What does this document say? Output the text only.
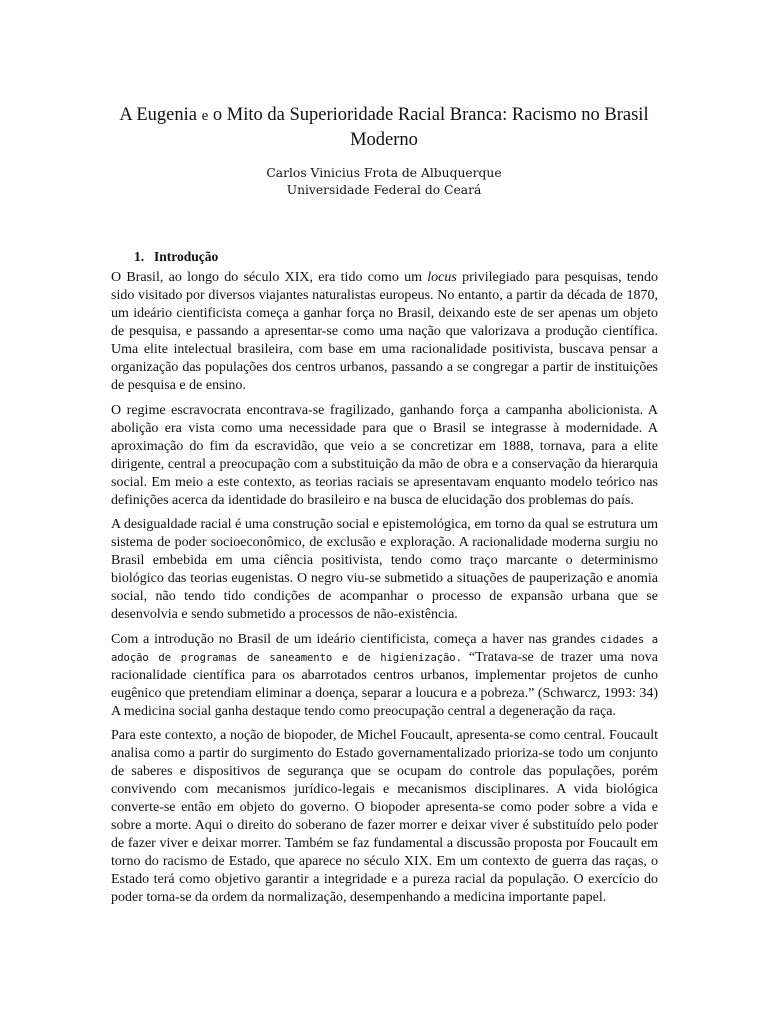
A Eugenia e o Mito da Superioridade Racial Branca: Racismo no Brasil Moderno
Carlos Vinicius Frota de Albuquerque
Universidade Federal do Ceará
1. Introdução

O Brasil, ao longo do século XIX, era tido como um locus privilegiado para pesquisas, tendo sido visitado por diversos viajantes naturalistas europeus. No entanto, a partir da década de 1870, um ideário cientificista começa a ganhar força no Brasil, deixando este de ser apenas um objeto de pesquisa, e passando a apresentar-se como uma nação que valorizava a produção científica. Uma elite intelectual brasileira, com base em uma racionalidade positivista, buscava pensar a organização das populações dos centros urbanos, passando a se congregar a partir de instituições de pesquisa e de ensino.

O regime escravocrata encontrava-se fragilizado, ganhando força a campanha abolicionista. A abolição era vista como uma necessidade para que o Brasil se integrasse à modernidade. A aproximação do fim da escravidão, que veio a se concretizar em 1888, tornava, para a elite dirigente, central a preocupação com a substituição da mão de obra e a conservação da hierarquia social. Em meio a este contexto, as teorias raciais se apresentavam enquanto modelo teórico nas definições acerca da identidade do brasileiro e na busca de elucidação dos problemas do país.

A desigualdade racial é uma construção social e epistemológica, em torno da qual se estrutura um sistema de poder socioeconômico, de exclusão e exploração. A racionalidade moderna surgiu no Brasil embebida em uma ciência positivista, tendo como traço marcante o determinismo biológico das teorias eugenistas. O negro viu-se submetido a situações de pauperização e anomia social, não tendo tido condições de acompanhar o processo de expansão urbana que se desenvolvia e sendo submetido a processos de não-existência.

Com a introdução no Brasil de um ideário cientificista, começa a haver nas grandes cidades a adoção de programas de saneamento e de higienização. “Tratava-se de trazer uma nova racionalidade científica para os abarrotados centros urbanos, implementar projetos de cunho eugênico que pretendiam eliminar a doença, separar a loucura e a pobreza.” (Schwarcz, 1993: 34) A medicina social ganha destaque tendo como preocupação central a degeneração da raça.

Para este contexto, a noção de biopoder, de Michel Foucault, apresenta-se como central. Foucault analisa como a partir do surgimento do Estado governamentalizado prioriza-se todo um conjunto de saberes e dispositivos de segurança que se ocupam do controle das populações, porém convivendo com mecanismos jurídico-legais e mecanismos disciplinares. A vida biológica converte-se então em objeto do governo. O biopoder apresenta-se como poder sobre a vida e sobre a morte. Aqui o direito do soberano de fazer morrer e deixar viver é substituído pelo poder de fazer viver e deixar morrer. Também se faz fundamental a discussão proposta por Foucault em torno do racismo de Estado, que aparece no século XIX. Em um contexto de guerra das raças, o Estado terá como objetivo garantir a integridade e a pureza racial da população. O exercício do poder torna-se da ordem da normalização, desempenhando a medicina importante papel.
